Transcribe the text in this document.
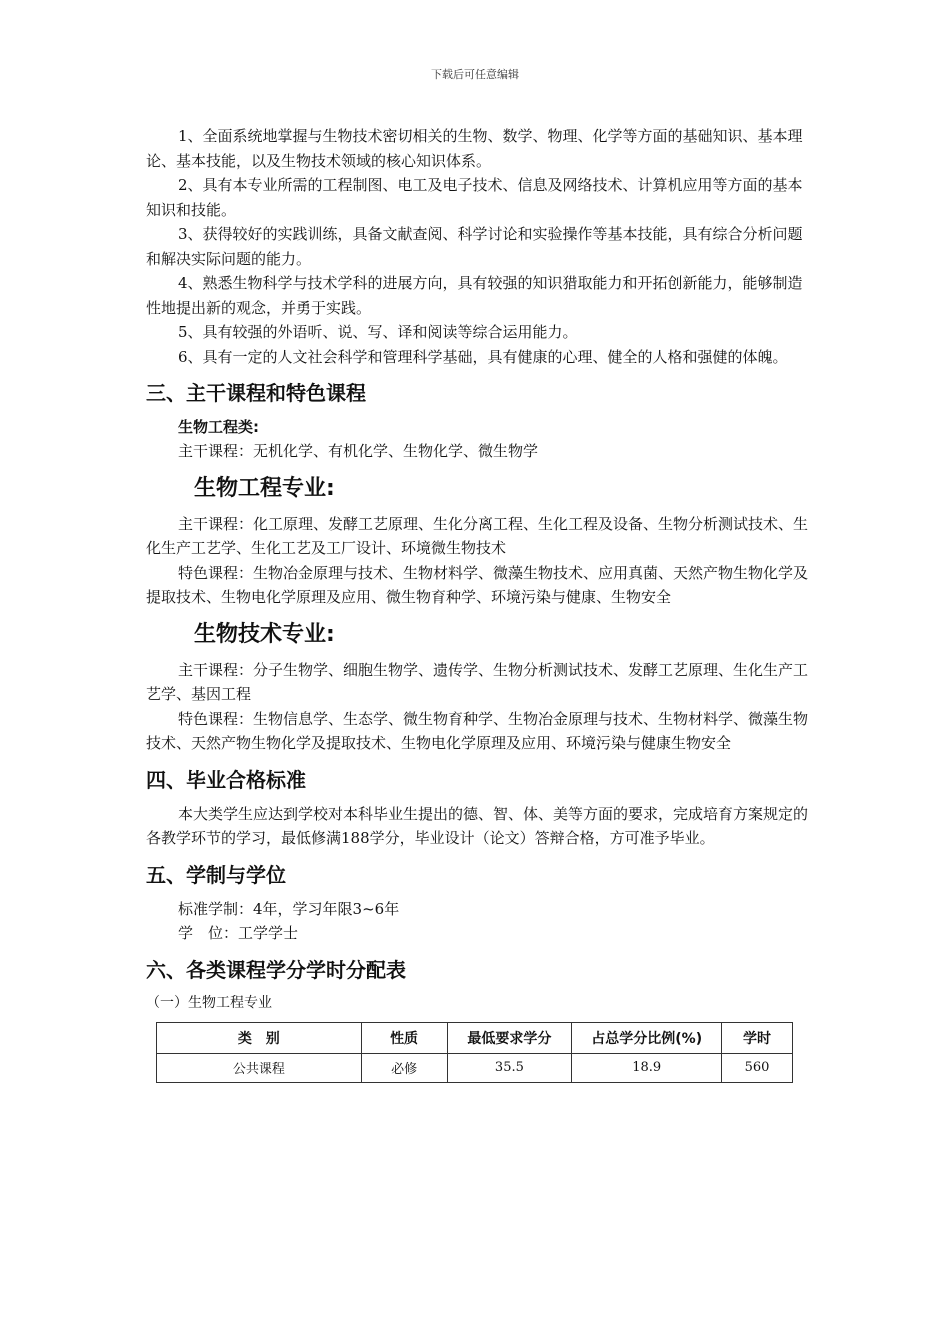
下载后可任意编辑

1、全面系统地掌握与生物技术密切相关的生物、数学、物理、化学等方面的基础知识、基本理论、基本技能，以及生物技术领域的核心知识体系。

2、具有本专业所需的工程制图、电工及电子技术、信息及网络技术、计算机应用等方面的基本知识和技能。

3、获得较好的实践训练，具备文献查阅、科学讨论和实验操作等基本技能，具有综合分析问题和解决实际问题的能力。

4、熟悉生物科学与技术学科的进展方向，具有较强的知识猎取能力和开拓创新能力，能够制造性地提出新的观念，并勇于实践。

5、具有较强的外语听、说、写、译和阅读等综合运用能力。

6、具有一定的人文社会科学和管理科学基础，具有健康的心理、健全的人格和强健的体魄。

三、主干课程和特色课程
生物工程类:

主干课程：无机化学、有机化学、生物化学、微生物学

生物工程专业:

主干课程：化工原理、发酵工艺原理、生化分离工程、生化工程及设备、生物分析测试技术、生化生产工艺学、生化工艺及工厂设计、环境微生物技术

特色课程：生物冶金原理与技术、生物材料学、微藻生物技术、应用真菌、天然产物生物化学及提取技术、生物电化学原理及应用、微生物育种学、环境污染与健康、生物安全

生物技术专业:

主干课程：分子生物学、细胞生物学、遗传学、生物分析测试技术、发酵工艺原理、生化生产工艺学、基因工程

特色课程：生物信息学、生态学、微生物育种学、生物冶金原理与技术、生物材料学、微藻生物技术、天然产物生物化学及提取技术、生物电化学原理及应用、环境污染与健康生物安全

四、毕业合格标准

本大类学生应达到学校对本科毕业生提出的德、智、体、美等方面的要求，完成培育方案规定的各教学环节的学习，最低修满188学分，毕业设计（论文）答辩合格，方可准予毕业。

五、学制与学位

标准学制：4年，学习年限3~6年

学　位：工学学士

六、各类课程学分学时分配表
（一）生物工程专业
类　别	性质	最低要求学分	占总学分比例(%)	学时
公共课程	必修	35.5	18.9	560
